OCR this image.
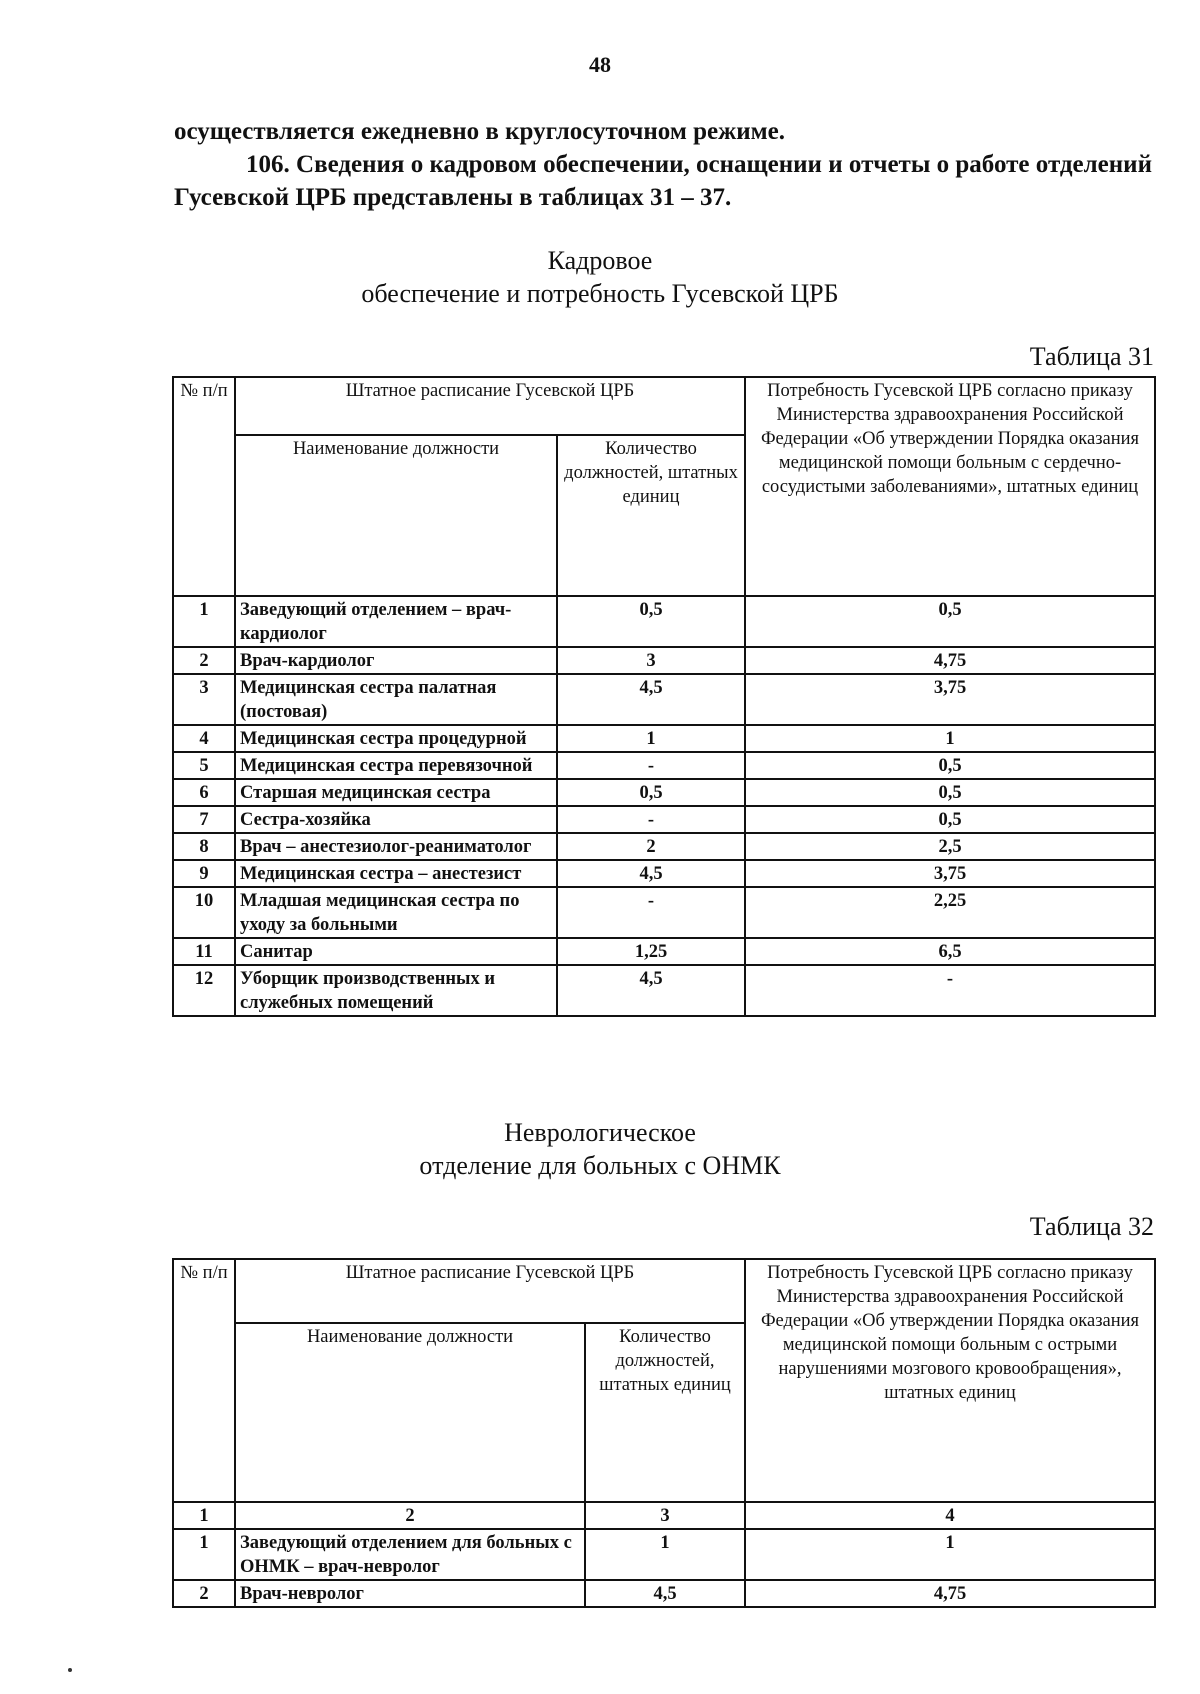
48
осуществляется ежедневно в круглосуточном режиме.
106. Сведения о кадровом обеспечении, оснащении и отчеты о работе отделений Гусевской ЦРБ представлены в таблицах 31 – 37.
Кадровое
обеспечение и потребность Гусевской ЦРБ
Таблица 31
№ п/п	Штатное расписание Гусевской ЦРБ		Потребность Гусевской ЦРБ согласно приказу Министерства здравоохранения Российской Федерации «Об утверждении Порядка оказания медицинской помощи больным с сердечно-сосудистыми заболеваниями», штатных единиц
	Наименование должности	Количество должностей, штатных единиц	
1	Заведующий отделением – врач-кардиолог	0,5	0,5
2	Врач-кардиолог	3	4,75
3	Медицинская сестра палатная (постовая)	4,5	3,75
4	Медицинская сестра процедурной	1	1
5	Медицинская сестра перевязочной	-	0,5
6	Старшая медицинская сестра	0,5	0,5
7	Сестра-хозяйка	-	0,5
8	Врач – анестезиолог-реаниматолог	2	2,5
9	Медицинская сестра – анестезист	4,5	3,75
10	Младшая медицинская сестра по уходу за больными	-	2,25
11	Санитар	1,25	6,5
12	Уборщик производственных и служебных помещений	4,5	-
Неврологическое
отделение для больных с ОНМК
Таблица 32
№ п/п	Штатное расписание Гусевской ЦРБ		Потребность Гусевской ЦРБ согласно приказу Министерства здравоохранения Российской Федерации «Об утверждении Порядка оказания медицинской помощи больным с острыми нарушениями мозгового кровообращения», штатных единиц
	Наименование должности	Количество должностей, штатных единиц	
1	2	3	4
1	Заведующий отделением для больных с ОНМК – врач-невролог	1	1
2	Врач-невролог	4,5	4,75
